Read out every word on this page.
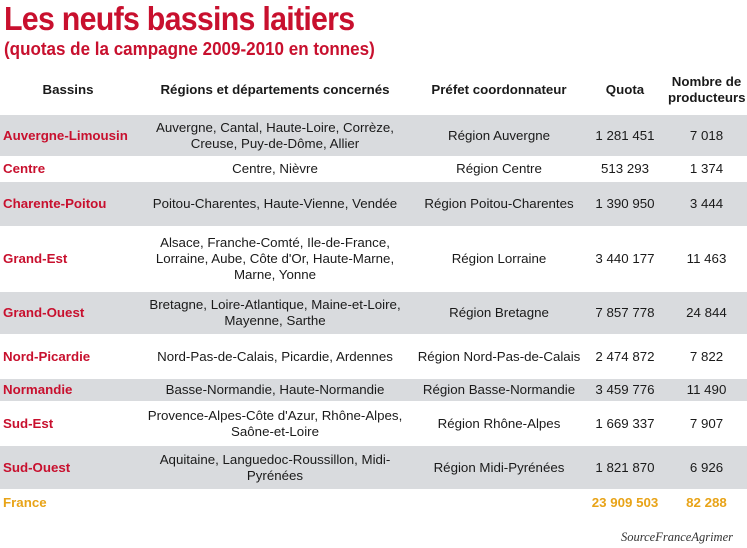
Les neufs bassins laitiers
(quotas de la campagne 2009-2010 en tonnes)
Bassins	Régions et départements concernés	Préfet coordonnateur	Quota	Nombre de producteurs
Auvergne-Limousin	Auvergne, Cantal, Haute-Loire, Corrèze, Creuse, Puy-de-Dôme, Allier	Région Auvergne	1 281 451	7 018
Centre	Centre, Nièvre	Région Centre	513 293	1 374
Charente-Poitou	Poitou-Charentes, Haute-Vienne, Vendée	Région Poitou-Charentes	1 390 950	3 444
Grand-Est	Alsace, Franche-Comté, Ile-de-France, Lorraine, Aube, Côte d'Or, Haute-Marne, Marne, Yonne	Région Lorraine	3 440 177	11 463
Grand-Ouest	Bretagne, Loire-Atlantique, Maine-et-Loire, Mayenne, Sarthe	Région Bretagne	7 857 778	24 844
Nord-Picardie	Nord-Pas-de-Calais, Picardie, Ardennes	Région Nord-Pas-de-Calais	2 474 872	7 822
Normandie	Basse-Normandie, Haute-Normandie	Région Basse-Normandie	3 459 776	11 490
Sud-Est	Provence-Alpes-Côte d'Azur, Rhône-Alpes, Saône-et-Loire	Région Rhône-Alpes	1 669 337	7 907
Sud-Ouest	Aquitaine, Languedoc-Roussillon, Midi-Pyrénées	Région Midi-Pyrénées	1 821 870	6 926
France			23 909 503	82 288
SourceFranceAgrimer
